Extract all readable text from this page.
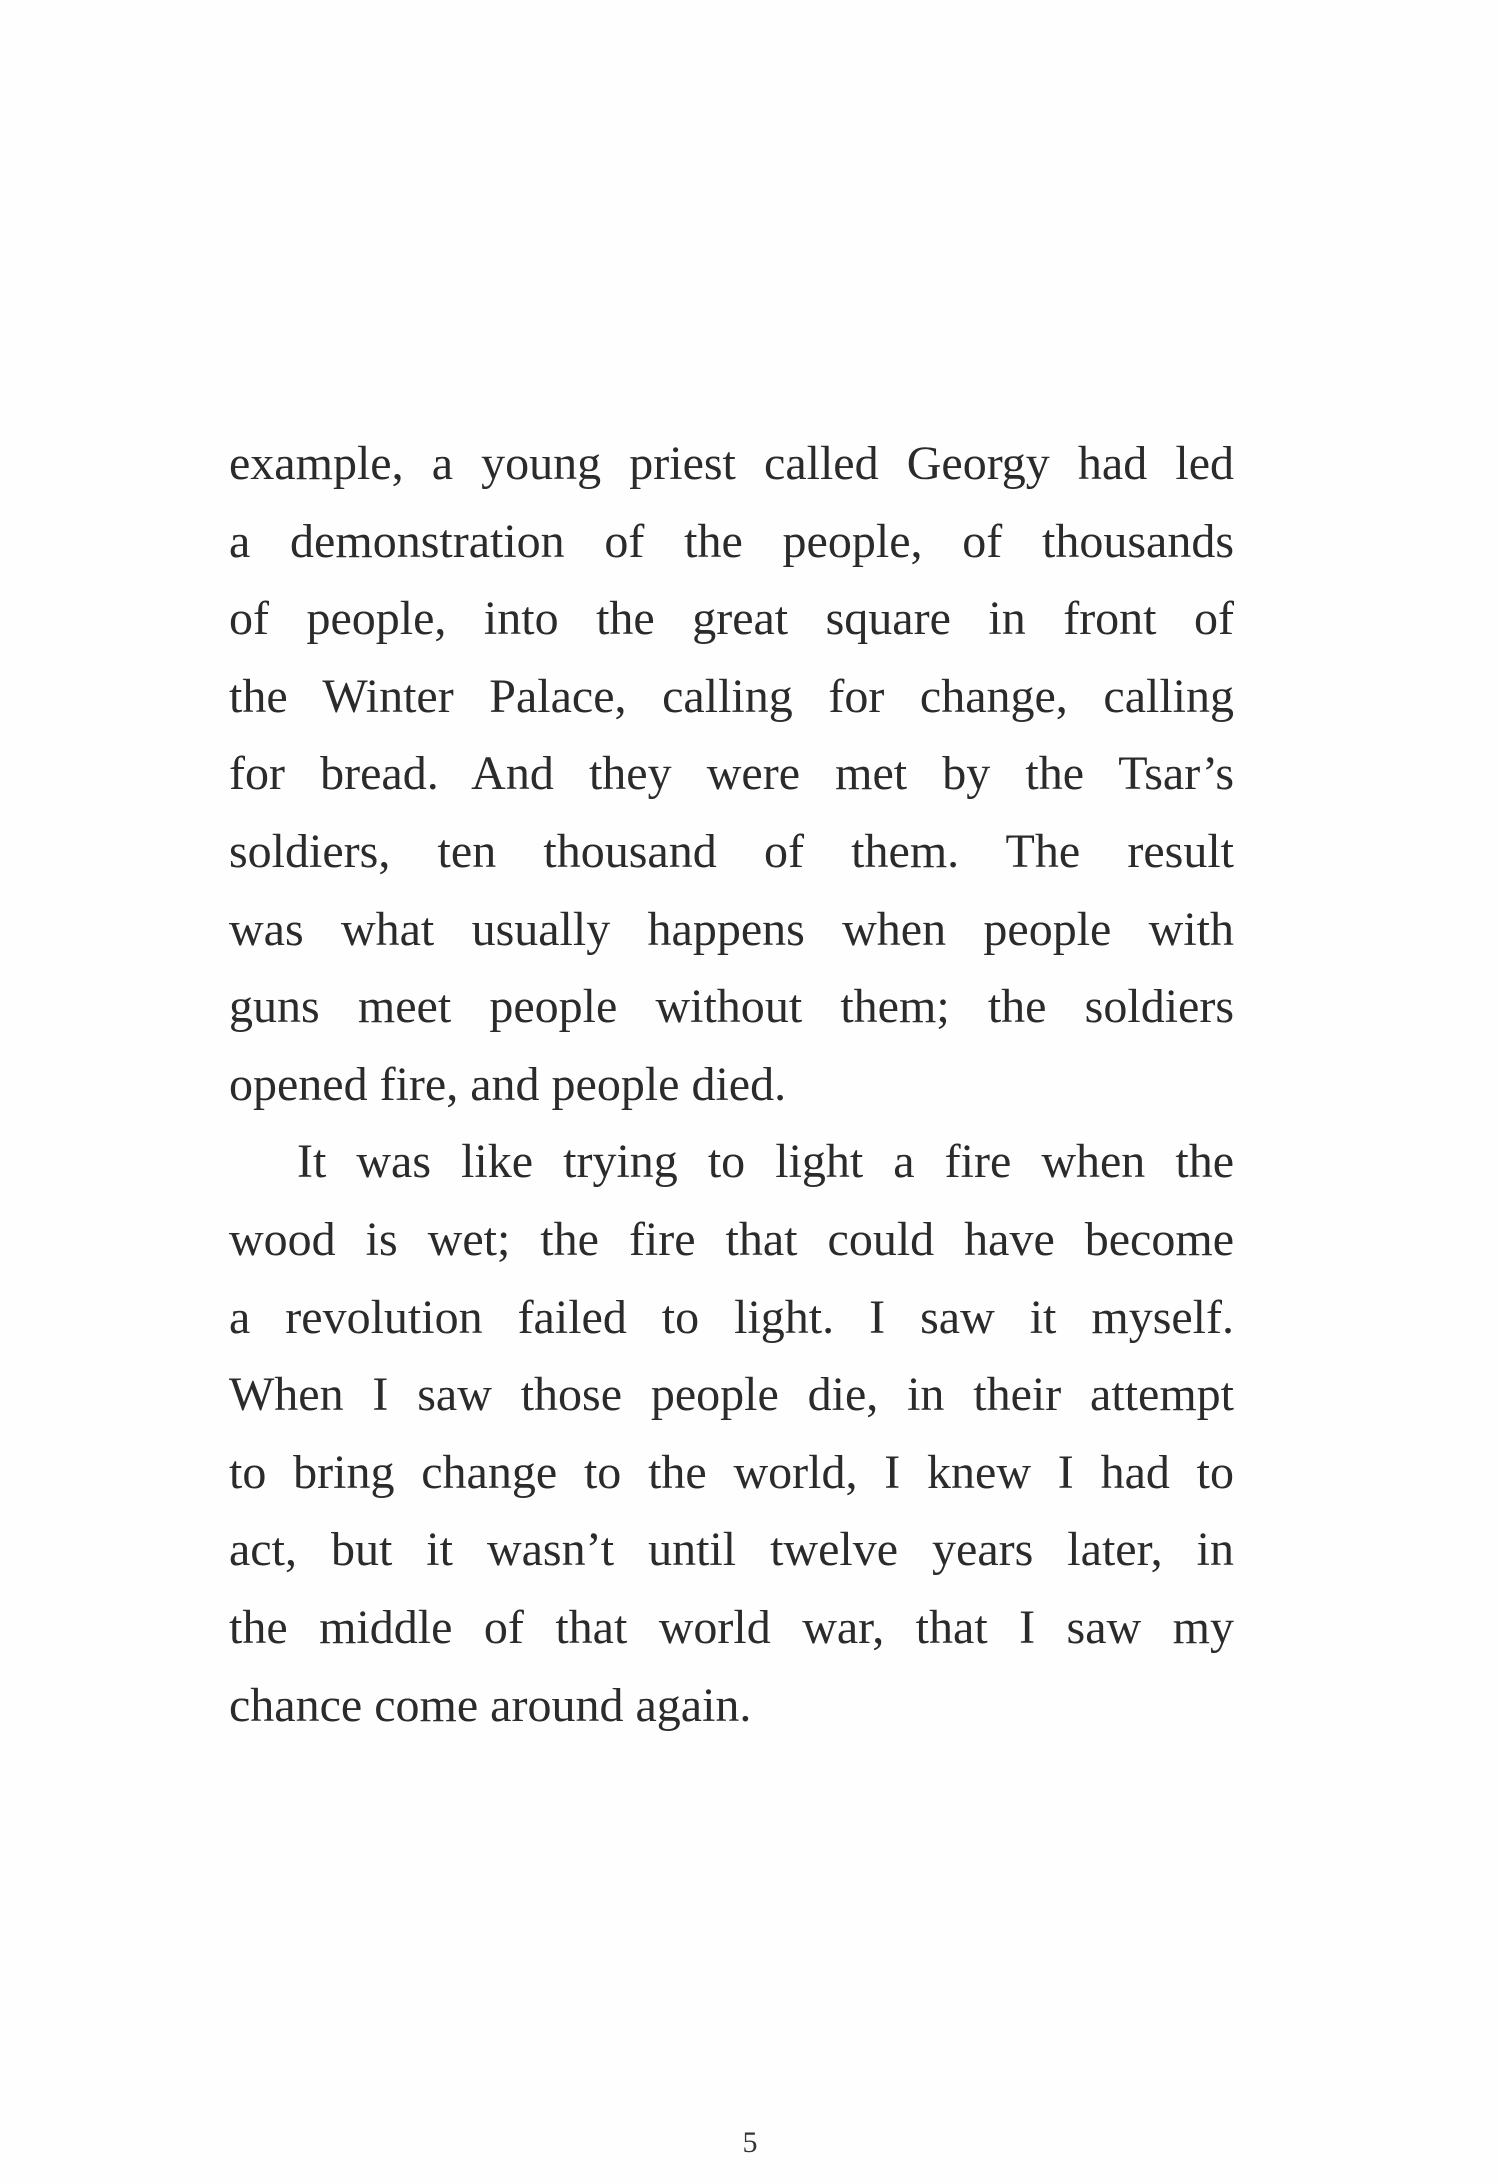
example, a young priest called Georgy had led
a demonstration of the people, of thousands
of people, into the great square in front of
the Winter Palace, calling for change, calling
for bread. And they were met by the Tsar’s
soldiers, ten thousand of them. The result
was what usually happens when people with
guns meet people without them; the soldiers
opened fire, and people died.
It was like trying to light a fire when the
wood is wet; the fire that could have become
a revolution failed to light. I saw it myself.
When I saw those people die, in their attempt
to bring change to the world, I knew I had to
act, but it wasn’t until twelve years later, in
the middle of that world war, that I saw my
chance come around again.
5
